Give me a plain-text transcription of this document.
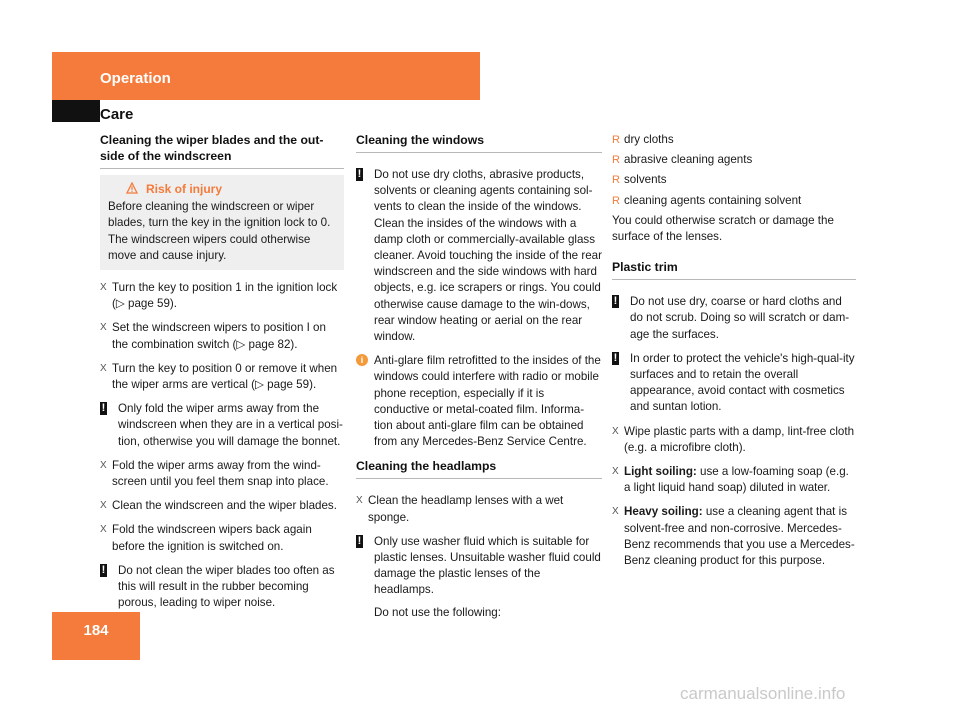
Operation
Care
Cleaning the wiper blades and the out-side of the windscreen
Risk of injury
Before cleaning the windscreen or wiper blades, turn the key in the ignition lock to 0. The windscreen wipers could otherwise move and cause injury.
X Turn the key to position 1 in the ignition lock (▷ page 59).
X Set the windscreen wipers to position I on the combination switch (▷ page 82).
X Turn the key to position 0 or remove it when the wiper arms are vertical (▷ page 59).
! Only fold the wiper arms away from the windscreen when they are in a vertical posi-tion, otherwise you will damage the bonnet.
X Fold the wiper arms away from the wind-screen until you feel them snap into place.
X Clean the windscreen and the wiper blades.
X Fold the windscreen wipers back again before the ignition is switched on.
! Do not clean the wiper blades too often as this will result in the rubber becoming porous, leading to wiper noise.
Cleaning the windows
! Do not use dry cloths, abrasive products, solvents or cleaning agents containing sol-vents to clean the inside of the windows. Clean the insides of the windows with a damp cloth or commercially-available glass cleaner. Avoid touching the inside of the rear windscreen and the side windows with hard objects, e.g. ice scrapers or rings. You could otherwise cause damage to the win-dows, rear window heating or aerial on the rear window.
i Anti-glare film retrofitted to the insides of the windows could interfere with radio or mobile phone reception, especially if it is conductive or metal-coated film. Informa-tion about anti-glare film can be obtained from any Mercedes-Benz Service Centre.
Cleaning the headlamps
X Clean the headlamp lenses with a wet sponge.
! Only use washer fluid which is suitable for plastic lenses. Unsuitable washer fluid could damage the plastic lenses of the headlamps.
Do not use the following:
R dry cloths
R abrasive cleaning agents
R solvents
R cleaning agents containing solvent

You could otherwise scratch or damage the surface of the lenses.

Plastic trim
! Do not use dry, coarse or hard cloths and do not scrub. Doing so will scratch or dam-age the surfaces.
! In order to protect the vehicle's high-qual-ity surfaces and to retain the overall appearance, avoid contact with cosmetics and suntan lotion.
X Wipe plastic parts with a damp, lint-free cloth (e.g. a microfibre cloth).
X Light soiling: use a low-foaming soap (e.g. a light liquid hand soap) diluted in water.
X Heavy soiling: use a cleaning agent that is solvent-free and non-corrosive. Mercedes-Benz recommends that you use a Mercedes-Benz cleaning product for this purpose.
184
carmanualsonline.info
